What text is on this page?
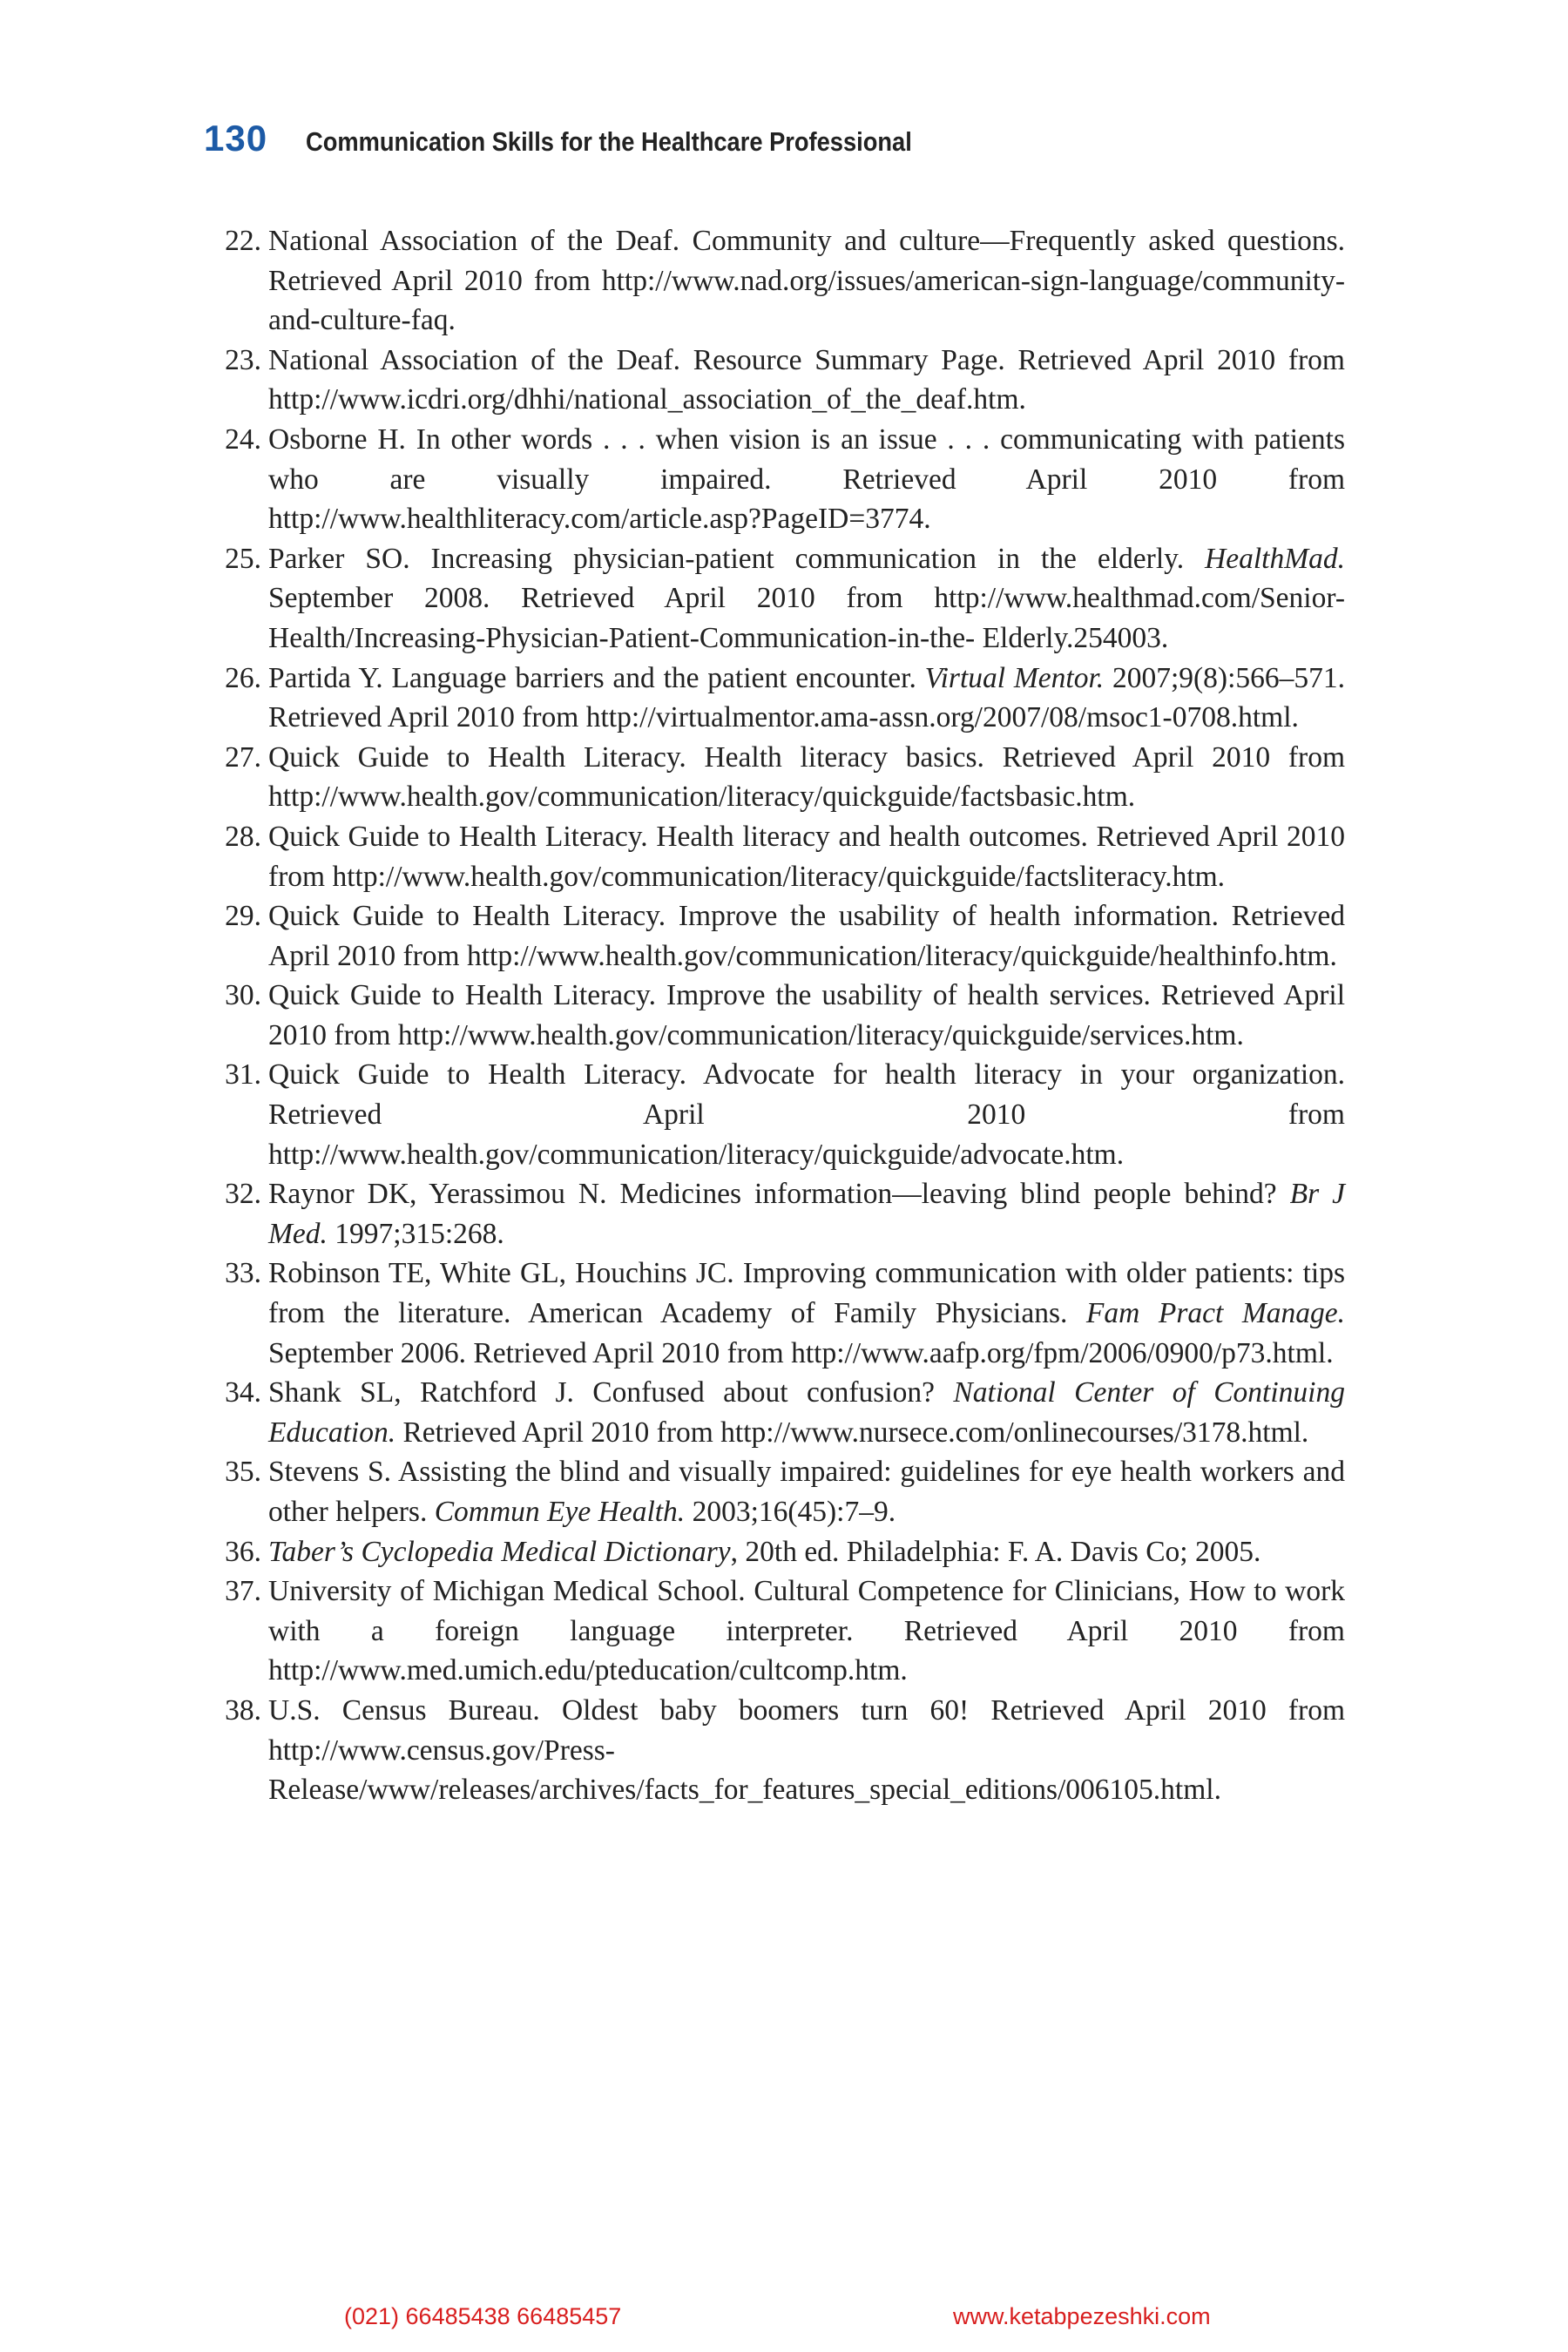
130 Communication Skills for the Healthcare Professional
22. National Association of the Deaf. Community and culture—Frequently asked questions. Retrieved April 2010 from http://www.nad.org/issues/american-sign-language/community-and-culture-faq.
23. National Association of the Deaf. Resource Summary Page. Retrieved April 2010 from http://www.icdri.org/dhhi/national_association_of_the_deaf.htm.
24. Osborne H. In other words . . . when vision is an issue . . . communicating with patients who are visually impaired. Retrieved April 2010 from http://www.healthliteracy.com/article.asp?PageID=3774.
25. Parker SO. Increasing physician-patient communication in the elderly. HealthMad. September 2008. Retrieved April 2010 from http://www.healthmad.com/Senior-Health/Increasing-Physician-Patient-Communication-in-the- Elderly.254003.
26. Partida Y. Language barriers and the patient encounter. Virtual Mentor. 2007;9(8):566–571. Retrieved April 2010 from http://virtualmentor.ama-assn.org/2007/08/msoc1-0708.html.
27. Quick Guide to Health Literacy. Health literacy basics. Retrieved April 2010 from http://www.health.gov/communication/literacy/quickguide/factsbasic.htm.
28. Quick Guide to Health Literacy. Health literacy and health outcomes. Retrieved April 2010 from http://www.health.gov/communication/literacy/quickguide/factsliteracy.htm.
29. Quick Guide to Health Literacy. Improve the usability of health information. Retrieved April 2010 from http://www.health.gov/communication/literacy/quickguide/healthinfo.htm.
30. Quick Guide to Health Literacy. Improve the usability of health services. Retrieved April 2010 from http://www.health.gov/communication/literacy/quickguide/services.htm.
31. Quick Guide to Health Literacy. Advocate for health literacy in your organization. Retrieved April 2010 from http://www.health.gov/communication/literacy/quickguide/advocate.htm.
32. Raynor DK, Yerassimou N. Medicines information—leaving blind people behind? Br J Med. 1997;315:268.
33. Robinson TE, White GL, Houchins JC. Improving communication with older patients: tips from the literature. American Academy of Family Physicians. Fam Pract Manage. September 2006. Retrieved April 2010 from http://www.aafp.org/fpm/2006/0900/p73.html.
34. Shank SL, Ratchford J. Confused about confusion? National Center of Continuing Education. Retrieved April 2010 from http://www.nursece.com/onlinecourses/3178.html.
35. Stevens S. Assisting the blind and visually impaired: guidelines for eye health workers and other helpers. Commun Eye Health. 2003;16(45):7–9.
36. Taber’s Cyclopedia Medical Dictionary, 20th ed. Philadelphia: F. A. Davis Co; 2005.
37. University of Michigan Medical School. Cultural Competence for Clinicians, How to work with a foreign language interpreter. Retrieved April 2010 from http://www.med.umich.edu/pteducation/cultcomp.htm.
38. U.S. Census Bureau. Oldest baby boomers turn 60! Retrieved April 2010 from http://www.census.gov/Press-Release/www/releases/archives/facts_for_features_special_editions/006105.html.
(021) 66485438 66485457	www.ketabpezeshki.com
